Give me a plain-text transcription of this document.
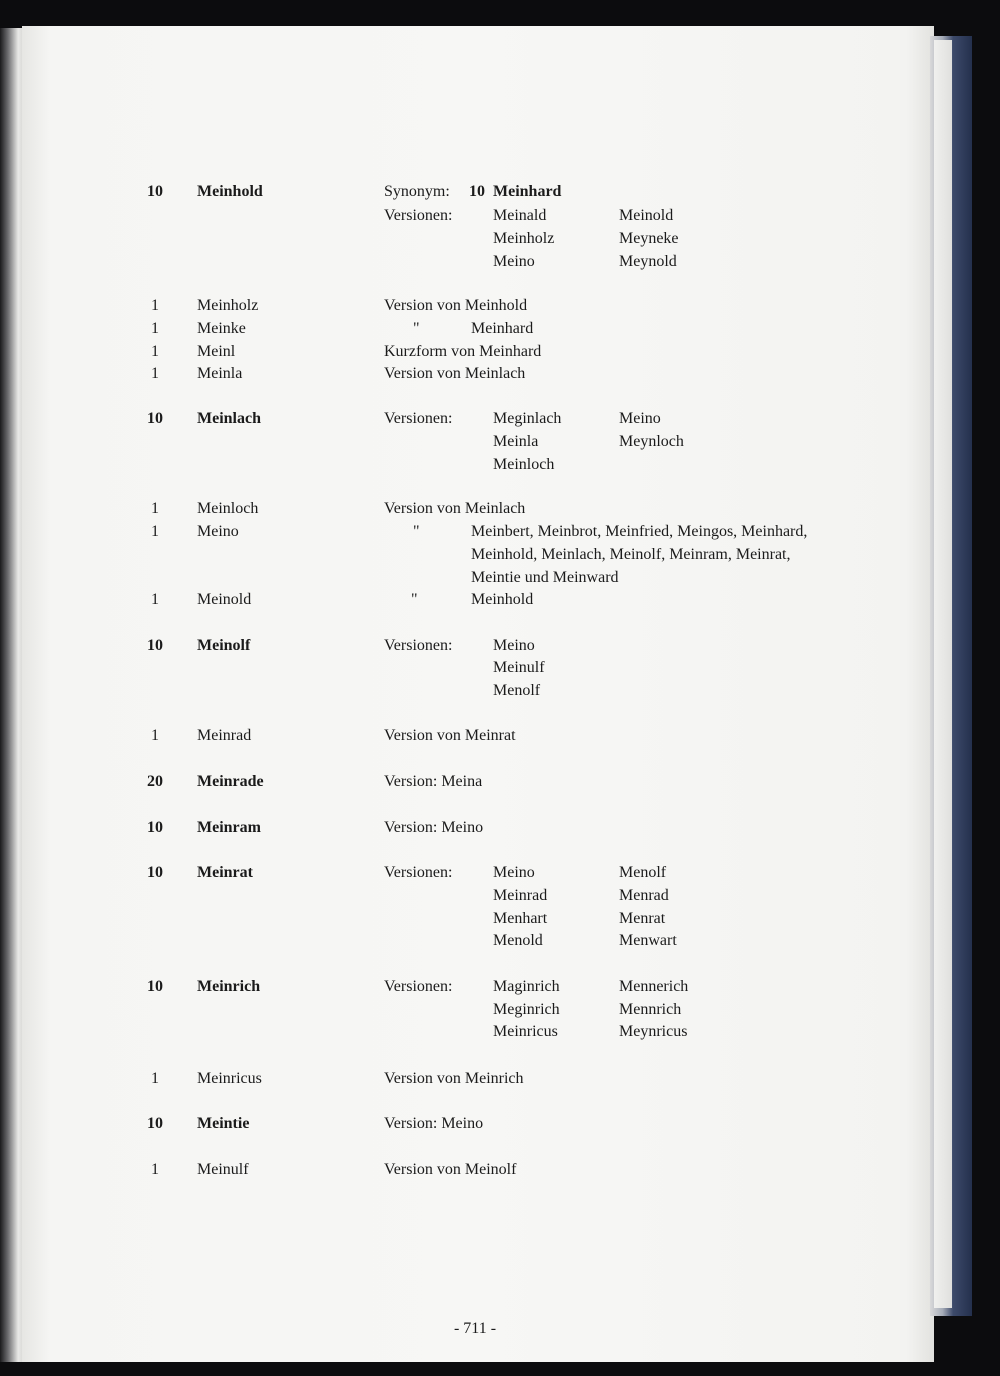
10	Meinhold	Synonym: 10 Meinhard
Versionen:	Meinald	Meinold
Meinholz	Meyneke
Meino	Meynold
1	Meinholz	Version von Meinhold
1	Meinke	"	Meinhard
1	Meinl	Kurzform von Meinhard
1	Meinla	Version von Meinlach
10	Meinlach	Versionen:	Meginlach	Meino
Meinla	Meynloch
Meinloch
1	Meinloch	Version von Meinlach
1	Meino	"	Meinbert, Meinbrot, Meinfried, Meingos, Meinhard,
Meinhold, Meinlach, Meinolf, Meinram, Meinrat,
Meintie und Meinward
1	Meinold	"	Meinhold
10	Meinolf	Versionen:	Meino
Meinulf
Menolf
1	Meinrad	Version von Meinrat
20	Meinrade	Version: Meina
10	Meinram	Version: Meino
10	Meinrat	Versionen:	Meino	Menolf
Meinrad	Menrad
Menhart	Menrat
Menold	Menwart
10	Meinrich	Versionen:	Maginrich	Mennerich
Meginrich	Mennrich
Meinricus	Meynricus
1	Meinricus	Version von Meinrich
10	Meintie	Version: Meino
1	Meinulf	Version von Meinolf
- 711 -
